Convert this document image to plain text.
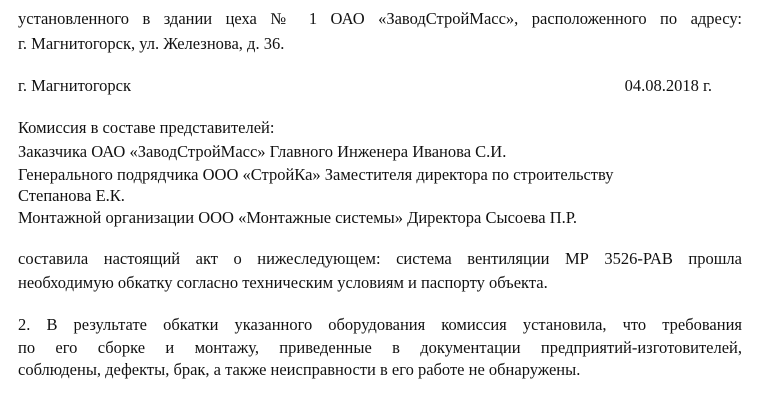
установленного в здании цеха № 1 ОАО «ЗаводСтройМасс», расположенного по адресу:

г. Магнитогорск, ул. Железнова, д. 36.

г. Магнитогорск	04.08.2018 г.

Комиссия в составе представителей:

Заказчика ОАО «ЗаводСтройМасс» Главного Инженера Иванова С.И.

Генерального подрядчика ООО «СтройКа» Заместителя директора по строительству

Степанова Е.К.

Монтажной организации ООО «Монтажные системы» Директора Сысоева П.Р.

составила настоящий акт о нижеследующем: система вентиляции МР 3526-РАВ прошла

необходимую обкатку согласно техническим условиям и паспорту объекта.

2. В результате обкатки указанного оборудования комиссия установила, что требования

по его сборке и монтажу, приведенные в документации предприятий-изготовителей,

соблюдены, дефекты, брак, а также неисправности в его работе не обнаружены.
